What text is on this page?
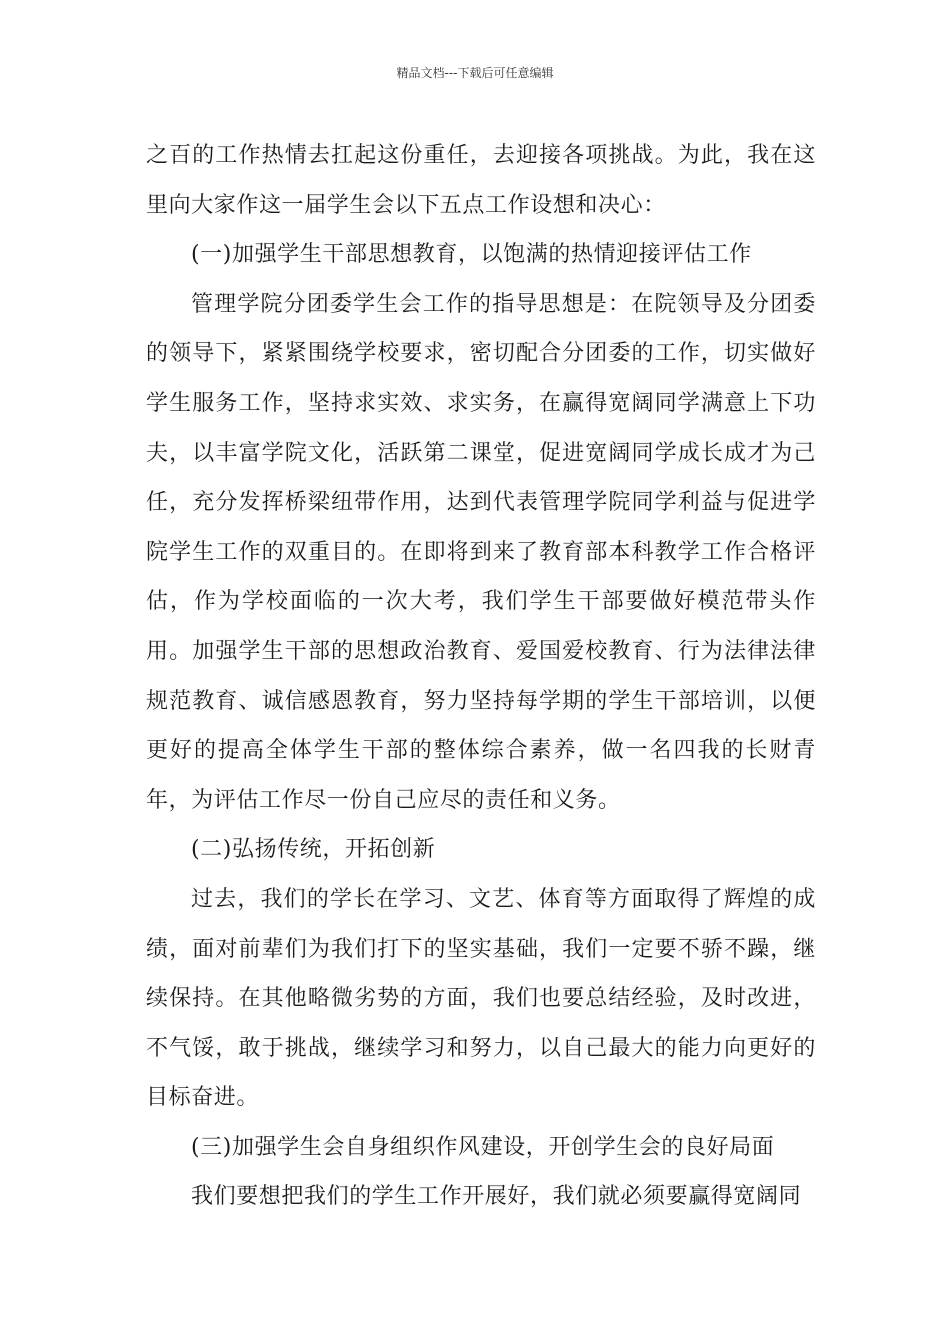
精品文档---下载后可任意编辑

之百的工作热情去扛起这份重任，去迎接各项挑战。为此，我在这里向大家作这一届学生会以下五点工作设想和决心：

(一)加强学生干部思想教育，以饱满的热情迎接评估工作

管理学院分团委学生会工作的指导思想是：在院领导及分团委的领导下，紧紧围绕学校要求，密切配合分团委的工作，切实做好学生服务工作，坚持求实效、求实务，在赢得宽阔同学满意上下功夫，以丰富学院文化，活跃第二课堂，促进宽阔同学成长成才为己任，充分发挥桥梁纽带作用，达到代表管理学院同学利益与促进学院学生工作的双重目的。在即将到来了教育部本科教学工作合格评估，作为学校面临的一次大考，我们学生干部要做好模范带头作用。加强学生干部的思想政治教育、爱国爱校教育、行为法律法律规范教育、诚信感恩教育，努力坚持每学期的学生干部培训，以便更好的提高全体学生干部的整体综合素养，做一名四我的长财青年，为评估工作尽一份自己应尽的责任和义务。

(二)弘扬传统，开拓创新

过去，我们的学长在学习、文艺、体育等方面取得了辉煌的成绩，面对前辈们为我们打下的坚实基础，我们一定要不骄不躁，继续保持。在其他略微劣势的方面，我们也要总结经验，及时改进，不气馁，敢于挑战，继续学习和努力，以自己最大的能力向更好的目标奋进。

(三)加强学生会自身组织作风建设，开创学生会的良好局面

我们要想把我们的学生工作开展好，我们就必须要赢得宽阔同
